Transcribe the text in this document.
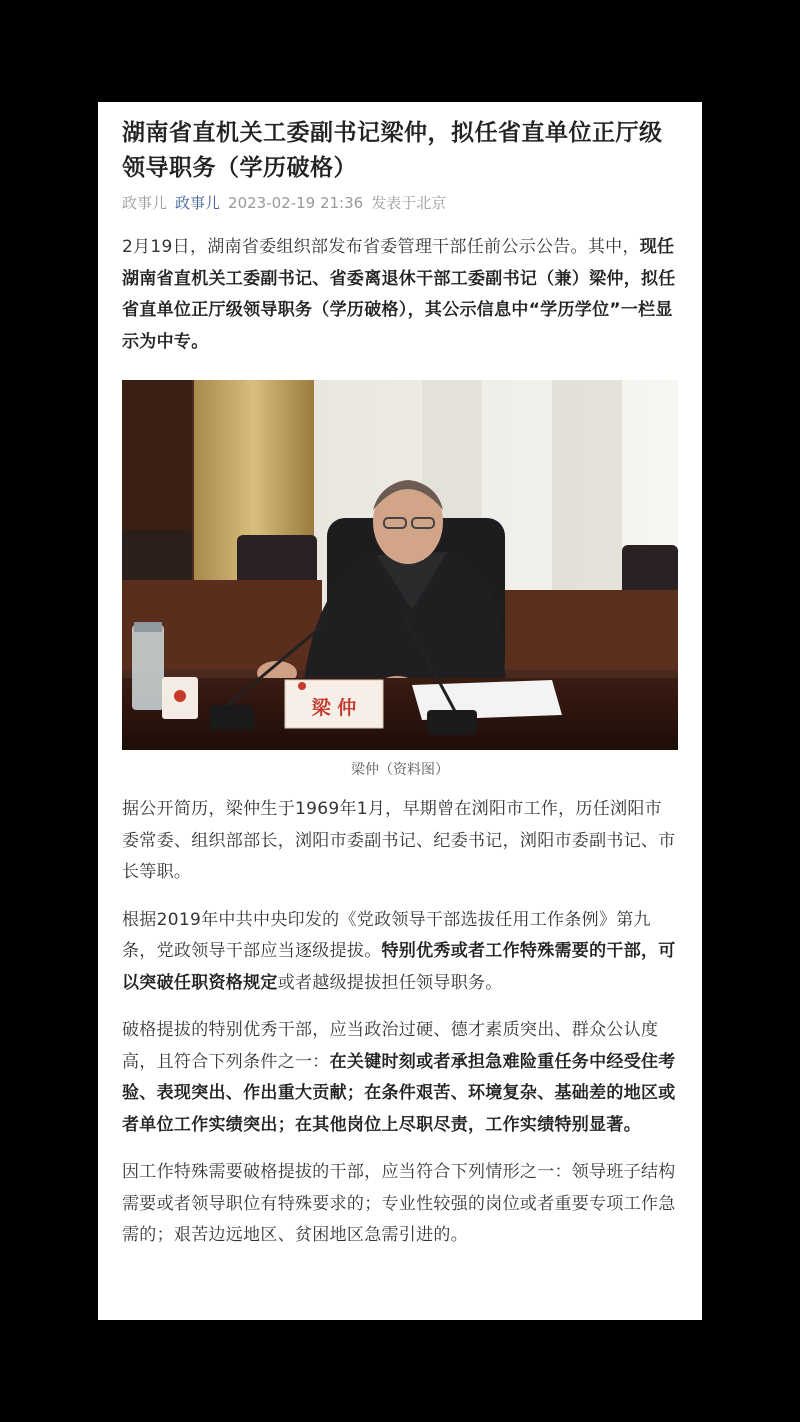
湖南省直机关工委副书记梁仲，拟任省直单位正厅级领导职务（学历破格）
政事儿 政事儿 2023-02-19 21:36 发表于北京

2月19日，湖南省委组织部发布省委管理干部任前公示公告。其中，现任湖南省直机关工委副书记、省委离退休干部工委副书记（兼）梁仲，拟任省直单位正厅级领导职务（学历破格），其公示信息中“学历学位”一栏显示为中专。

梁 仲
梁仲（资料图）

据公开简历，梁仲生于1969年1月，早期曾在浏阳市工作，历任浏阳市委常委、组织部部长，浏阳市委副书记、纪委书记，浏阳市委副书记、市长等职。

根据2019年中共中央印发的《党政领导干部选拔任用工作条例》第九条，党政领导干部应当逐级提拔。特别优秀或者工作特殊需要的干部，可以突破任职资格规定或者越级提拔担任领导职务。

破格提拔的特别优秀干部，应当政治过硬、德才素质突出、群众公认度高，且符合下列条件之一：在关键时刻或者承担急难险重任务中经受住考验、表现突出、作出重大贡献；在条件艰苦、环境复杂、基础差的地区或者单位工作实绩突出；在其他岗位上尽职尽责，工作实绩特别显著。

因工作特殊需要破格提拔的干部，应当符合下列情形之一：领导班子结构需要或者领导职位有特殊要求的；专业性较强的岗位或者重要专项工作急需的；艰苦边远地区、贫困地区急需引进的。
